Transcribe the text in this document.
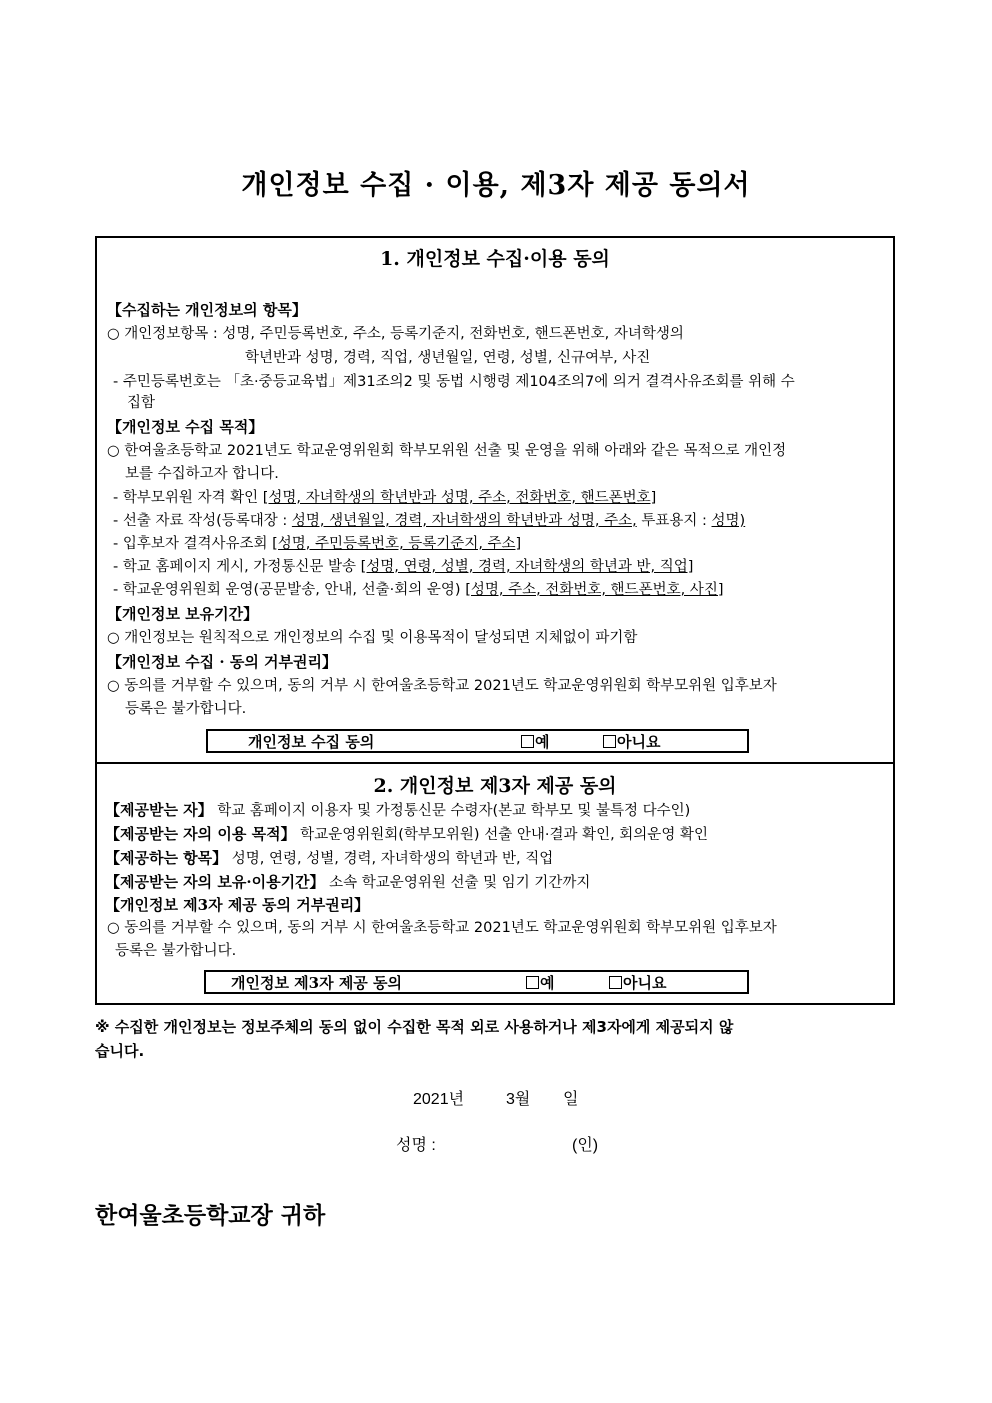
개인정보 수집 · 이용, 제3자 제공 동의서
1. 개인정보 수집·이용 동의
【수집하는 개인정보의 항목】
○ 개인정보항목 : 성명, 주민등록번호, 주소, 등록기준지, 전화번호, 핸드폰번호, 자녀학생의
학년반과 성명, 경력, 직업, 생년월일, 연령, 성별, 신규여부, 사진
- 주민등록번호는 「초·중등교육법」제31조의2 및 동법 시행령 제104조의7에 의거 결격사유조회를 위해 수
집함
【개인정보 수집 목적】
○ 한여울초등학교 2021년도 학교운영위원회 학부모위원 선출 및 운영을 위해 아래와 같은 목적으로 개인정
보를 수집하고자 합니다.
- 학부모위원 자격 확인 [성명, 자녀학생의 학년반과 성명, 주소, 전화번호, 핸드폰번호]
- 선출 자료 작성(등록대장 : 성명, 생년월일, 경력, 자녀학생의 학년반과 성명, 주소, 투표용지 : 성명)
- 입후보자 결격사유조회 [성명, 주민등록번호, 등록기준지, 주소]
- 학교 홈페이지 게시, 가정통신문 발송 [성명, 연령, 성별, 경력, 자녀학생의 학년과 반, 직업]
- 학교운영위원회 운영(공문발송, 안내, 선출·회의 운영) [성명, 주소, 전화번호, 핸드폰번호, 사진]
【개인정보 보유기간】
○ 개인정보는 원칙적으로 개인정보의 수집 및 이용목적이 달성되면 지체없이 파기함
【개인정보 수집 · 동의 거부권리】
○ 동의를 거부할 수 있으며, 동의 거부 시 한여울초등학교 2021년도 학교운영위원회 학부모위원 입후보자
등록은 불가합니다.
개인정보 수집 동의	예	아니요
2. 개인정보 제3자 제공 동의
【제공받는 자】 학교 홈페이지 이용자 및 가정통신문 수령자(본교 학부모 및 불특정 다수인)
【제공받는 자의 이용 목적】 학교운영위원회(학부모위원) 선출 안내·결과 확인, 회의운영 확인
【제공하는 항목】 성명, 연령, 성별, 경력, 자녀학생의 학년과 반, 직업
【제공받는 자의 보유·이용기간】 소속 학교운영위원 선출 및 임기 기간까지
【개인정보 제3자 제공 동의 거부권리】
○ 동의를 거부할 수 있으며, 동의 거부 시 한여울초등학교 2021년도 학교운영위원회 학부모위원 입후보자
등록은 불가합니다.
개인정보 제3자 제공 동의	예	아니요
※ 수집한 개인정보는 정보주체의 동의 없이 수집한 목적 외로 사용하거나 제3자에게 제공되지 않
습니다.
2021년	3월 일
성명 :	(인)
한여울초등학교장 귀하
